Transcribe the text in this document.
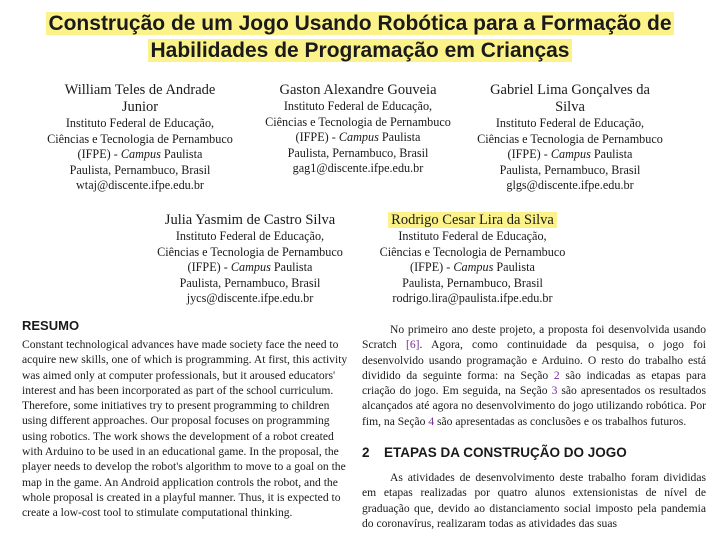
Construção de um Jogo Usando Robótica para a Formação de
Habilidades de Programação em Crianças
William Teles de Andrade
Junior
Instituto Federal de Educação,
Ciências e Tecnologia de Pernambuco
(IFPE) - Campus Paulista
Paulista, Pernambuco, Brasil
wtaj@discente.ifpe.edu.br
Gaston Alexandre Gouveia
Instituto Federal de Educação,
Ciências e Tecnologia de Pernambuco
(IFPE) - Campus Paulista
Paulista, Pernambuco, Brasil
gag1@discente.ifpe.edu.br
Gabriel Lima Gonçalves da
Silva
Instituto Federal de Educação,
Ciências e Tecnologia de Pernambuco
(IFPE) - Campus Paulista
Paulista, Pernambuco, Brasil
glgs@discente.ifpe.edu.br
Julia Yasmim de Castro Silva
Instituto Federal de Educação,
Ciências e Tecnologia de Pernambuco
(IFPE) - Campus Paulista
Paulista, Pernambuco, Brasil
jycs@discente.ifpe.edu.br
Rodrigo Cesar Lira da Silva
Instituto Federal de Educação,
Ciências e Tecnologia de Pernambuco
(IFPE) - Campus Paulista
Paulista, Pernambuco, Brasil
rodrigo.lira@paulista.ifpe.edu.br
RESUMO

Constant technological advances have made society face the need to acquire new skills, one of which is programming. At first, this activity was aimed only at computer professionals, but it aroused educators' interest and has been incorporated as part of the school curriculum. Therefore, some initiatives try to present programming to children using different approaches. Our proposal focuses on programming using robotics. The work shows the development of a robot created with Arduino to be used in an educational game. In the proposal, the player needs to develop the robot's algorithm to move to a goal on the map in the game. An Android application controls the robot, and the whole proposal is created in a playful manner. Thus, it is expected to create a low-cost tool to stimulate computational thinking.

No primeiro ano deste projeto, a proposta foi desenvolvida usando Scratch [6]. Agora, como continuidade da pesquisa, o jogo foi desenvolvido usando programação e Arduino. O resto do trabalho está dividido da seguinte forma: na Seção 2 são indicadas as etapas para criação do jogo. Em seguida, na Seção 3 são apresentados os resultados alcançados até agora no desenvolvimento do jogo utilizando robótica. Por fim, na Seção 4 são apresentadas as conclusões e os trabalhos futuros.

2 ETAPAS DA CONSTRUÇÃO DO JOGO

As atividades de desenvolvimento deste trabalho foram divididas em etapas realizadas por quatro alunos extensionistas de nível de graduação que, devido ao distanciamento social imposto pela pandemia do coronavírus, realizaram todas as atividades das suas
